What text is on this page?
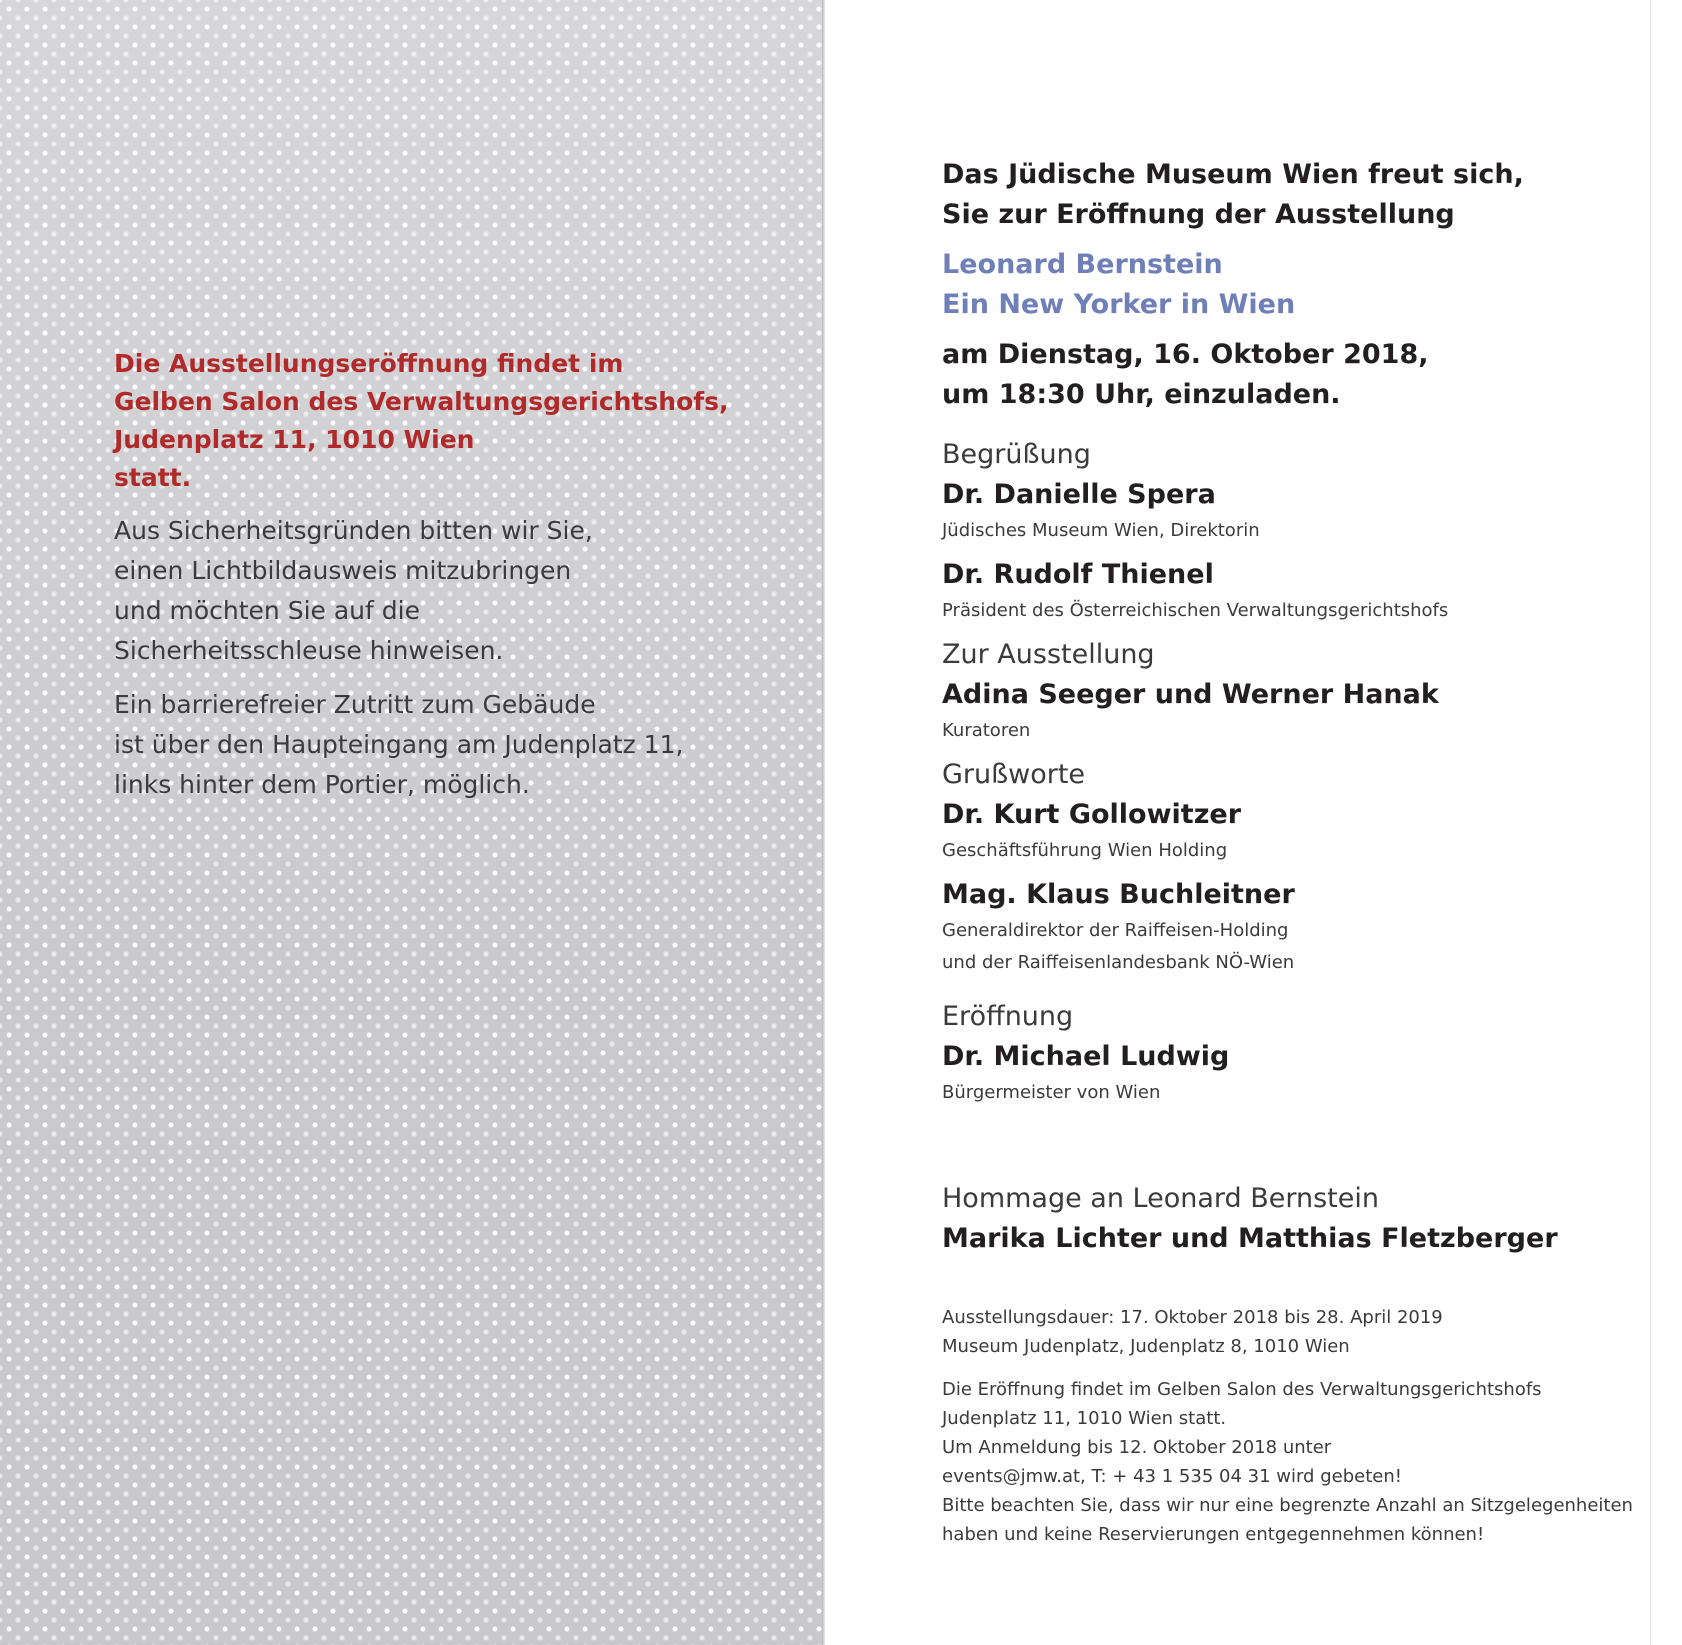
Die Ausstellungseröffnung findet im
Gelben Salon des Verwaltungsgerichtshofs,
Judenplatz 11, 1010 Wien
statt.
Aus Sicherheitsgründen bitten wir Sie,
einen Lichtbildausweis mitzubringen
und möchten Sie auf die
Sicherheitsschleuse hinweisen.
Ein barrierefreier Zutritt zum Gebäude
ist über den Haupteingang am Judenplatz 11,
links hinter dem Portier, möglich.
Das Jüdische Museum Wien freut sich,
Sie zur Eröffnung der Ausstellung
Leonard Bernstein
Ein New Yorker in Wien
am Dienstag, 16. Oktober 2018,
um 18:30 Uhr, einzuladen.
Begrüßung
Dr. Danielle Spera
Jüdisches Museum Wien, Direktorin
Dr. Rudolf Thienel
Präsident des Österreichischen Verwaltungsgerichtshofs
Zur Ausstellung
Adina Seeger und Werner Hanak
Kuratoren
Grußworte
Dr. Kurt Gollowitzer
Geschäftsführung Wien Holding
Mag. Klaus Buchleitner
Generaldirektor der Raiffeisen-Holding
und der Raiffeisenlandesbank NÖ-Wien
Eröffnung
Dr. Michael Ludwig
Bürgermeister von Wien
Hommage an Leonard Bernstein
Marika Lichter und Matthias Fletzberger
Ausstellungsdauer: 17. Oktober 2018 bis 28. April 2019
Museum Judenplatz, Judenplatz 8, 1010 Wien
Die Eröffnung findet im Gelben Salon des Verwaltungsgerichtshofs
Judenplatz 11, 1010 Wien statt.
Um Anmeldung bis 12. Oktober 2018 unter
events@jmw.at, T: + 43 1 535 04 31 wird gebeten!
Bitte beachten Sie, dass wir nur eine begrenzte Anzahl an Sitzgelegenheiten
haben und keine Reservierungen entgegennehmen können!
